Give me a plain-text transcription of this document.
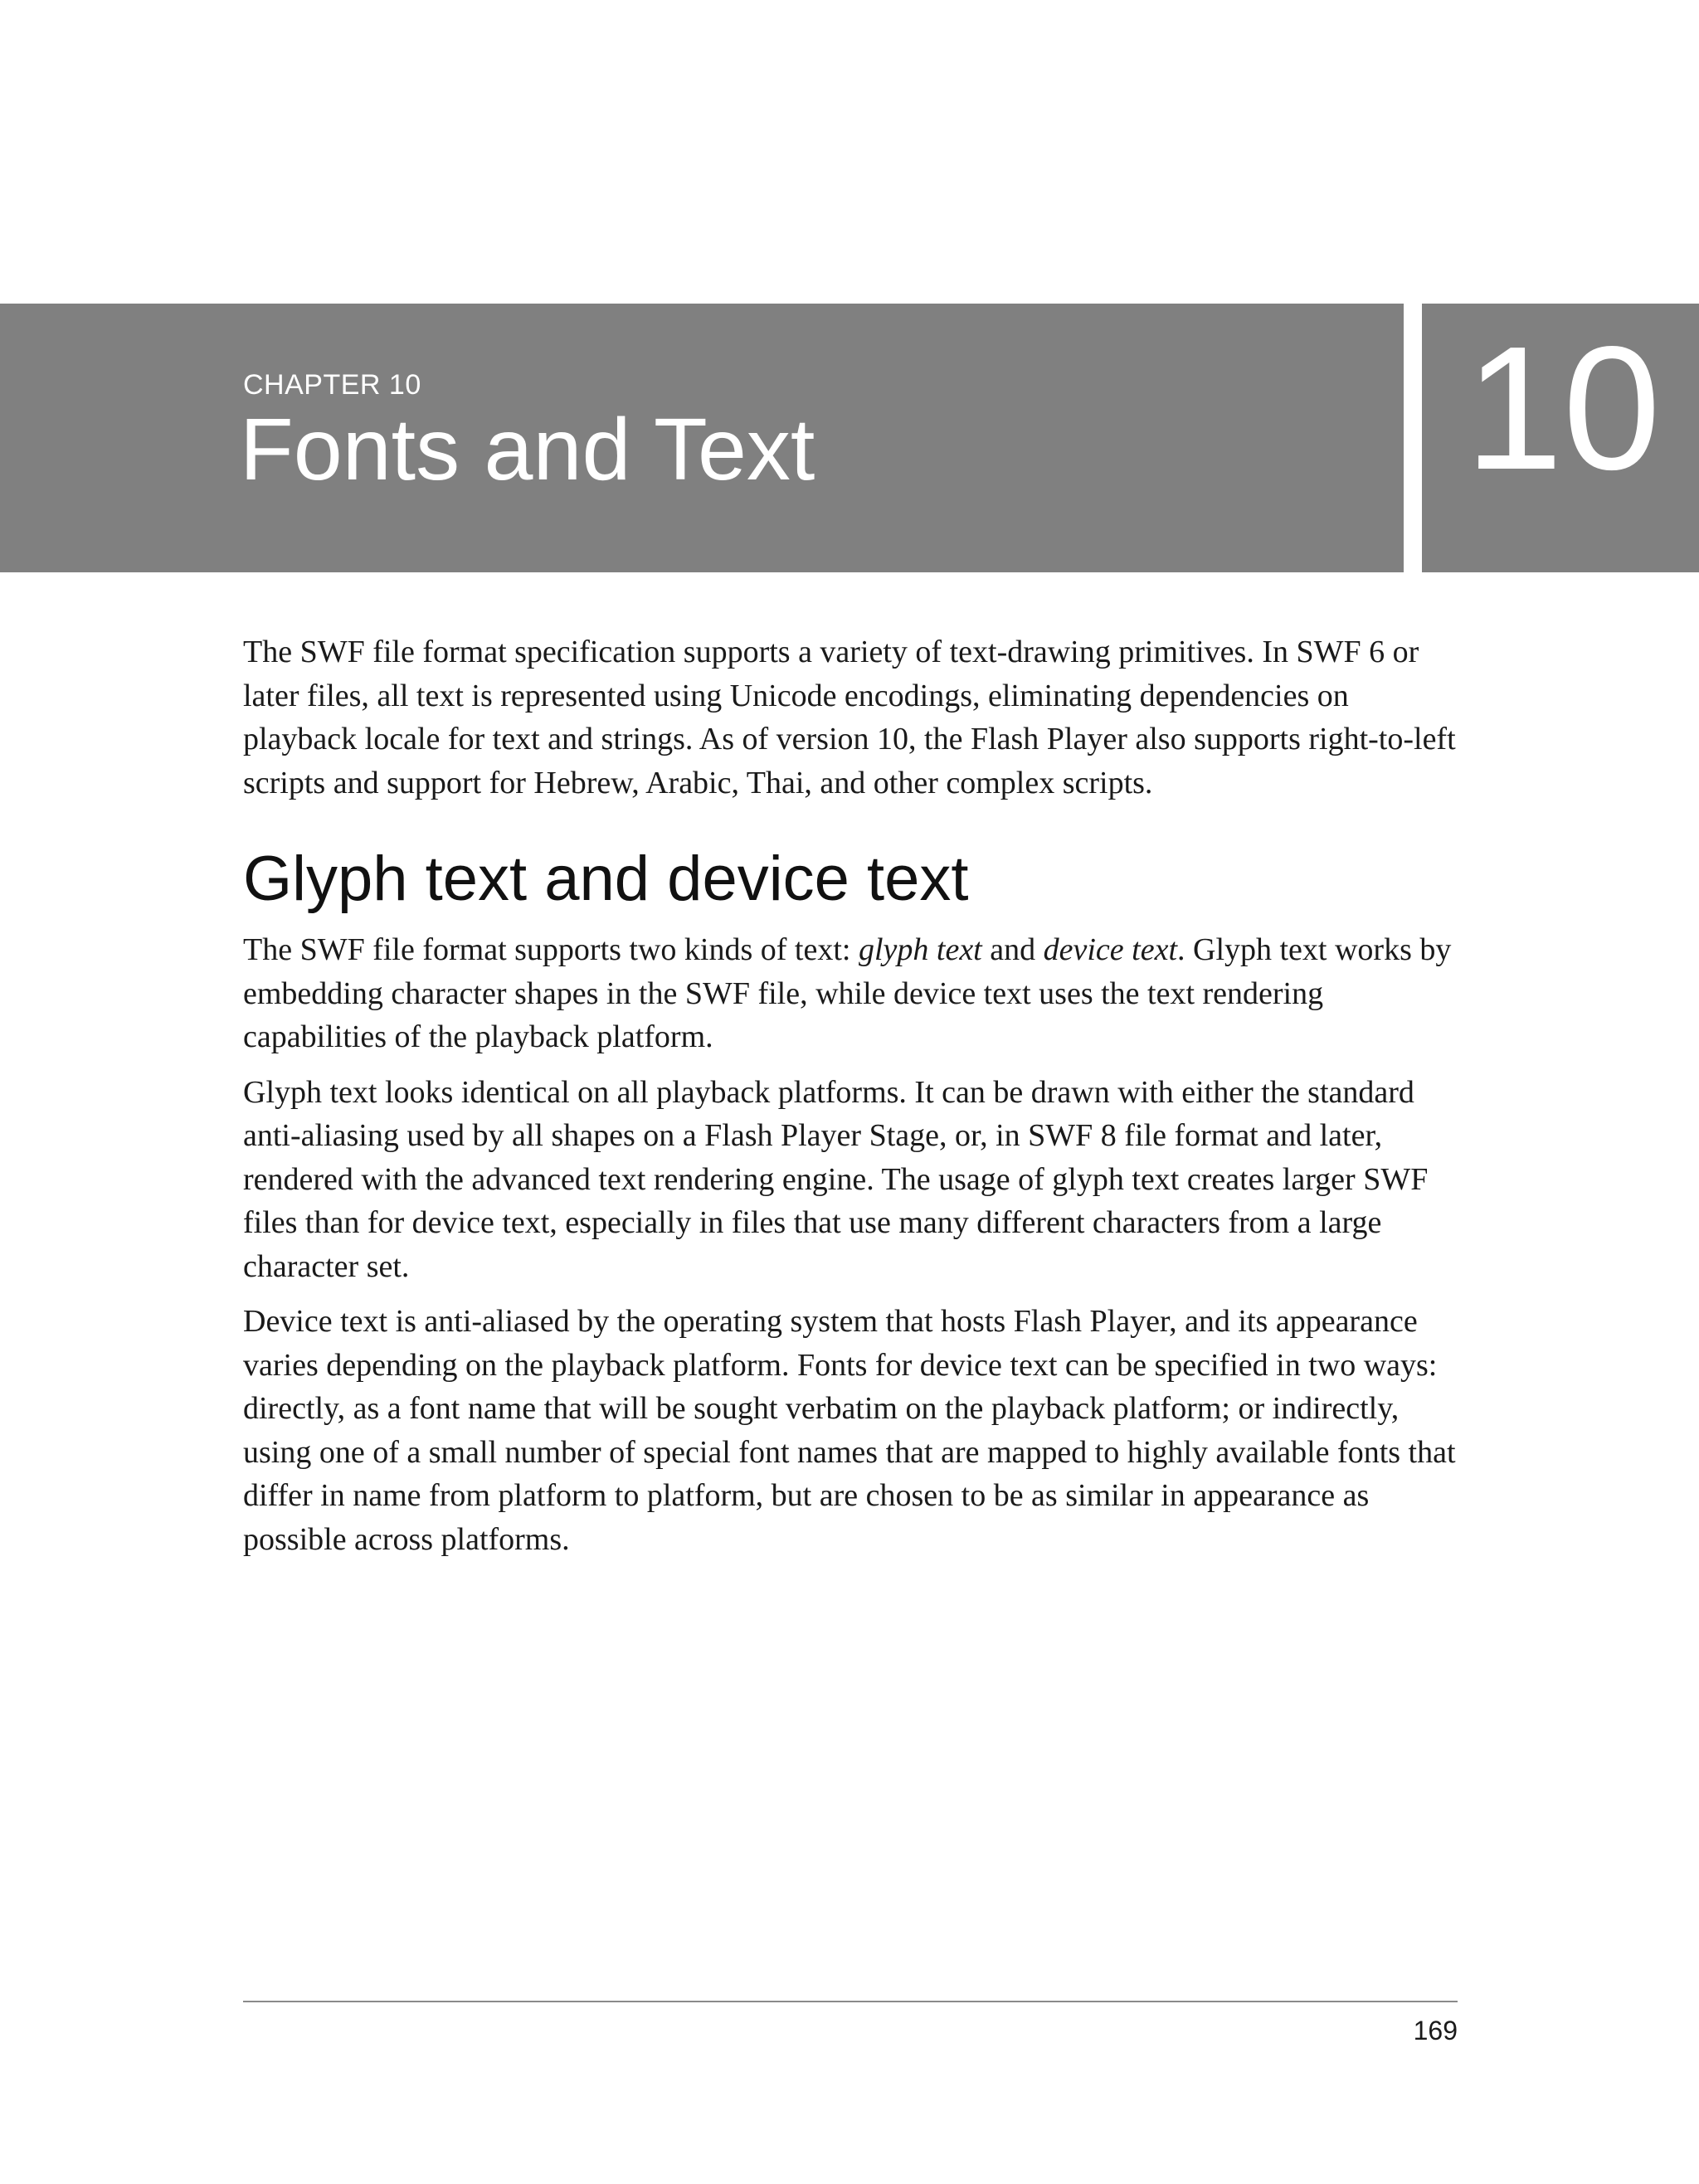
CHAPTER 10
Fonts and Text	10

The SWF file format specification supports a variety of text-drawing primitives. In SWF 6 or later files, all text is represented using Unicode encodings, eliminating dependencies on playback locale for text and strings. As of version 10, the Flash Player also supports right-to-left scripts and support for Hebrew, Arabic, Thai, and other complex scripts.

Glyph text and device text

The SWF file format supports two kinds of text: glyph text and device text. Glyph text works by embedding character shapes in the SWF file, while device text uses the text rendering capabilities of the playback platform.

Glyph text looks identical on all playback platforms. It can be drawn with either the standard anti-aliasing used by all shapes on a Flash Player Stage, or, in SWF 8 file format and later, rendered with the advanced text rendering engine. The usage of glyph text creates larger SWF files than for device text, especially in files that use many different characters from a large character set.

Device text is anti-aliased by the operating system that hosts Flash Player, and its appearance varies depending on the playback platform. Fonts for device text can be specified in two ways: directly, as a font name that will be sought verbatim on the playback platform; or indirectly, using one of a small number of special font names that are mapped to highly available fonts that differ in name from platform to platform, but are chosen to be as similar in appearance as possible across platforms.

169
